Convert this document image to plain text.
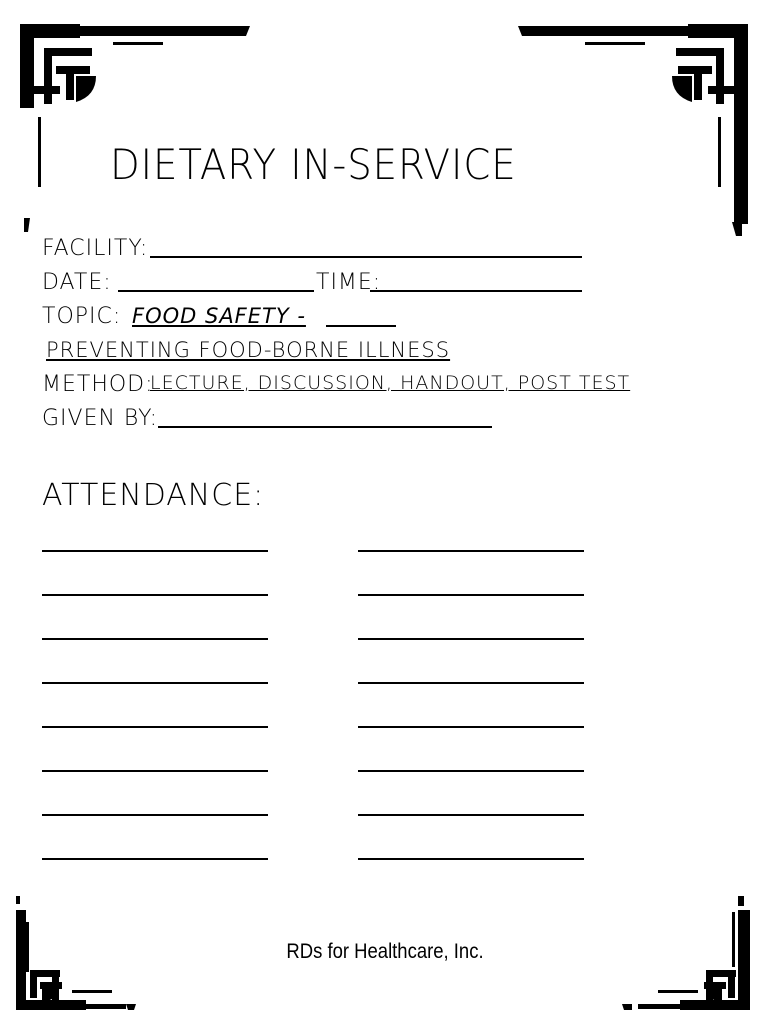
DIETARY IN-SERVICE
FACILITY:
DATE:	TIME:
TOPIC: FOOD SAFETY -
PREVENTING FOOD-BORNE ILLNESS
METHOD:
LECTURE, DISCUSSION, HANDOUT, POST TEST
GIVEN BY:
ATTENDANCE:
RDs for Healthcare, Inc.
